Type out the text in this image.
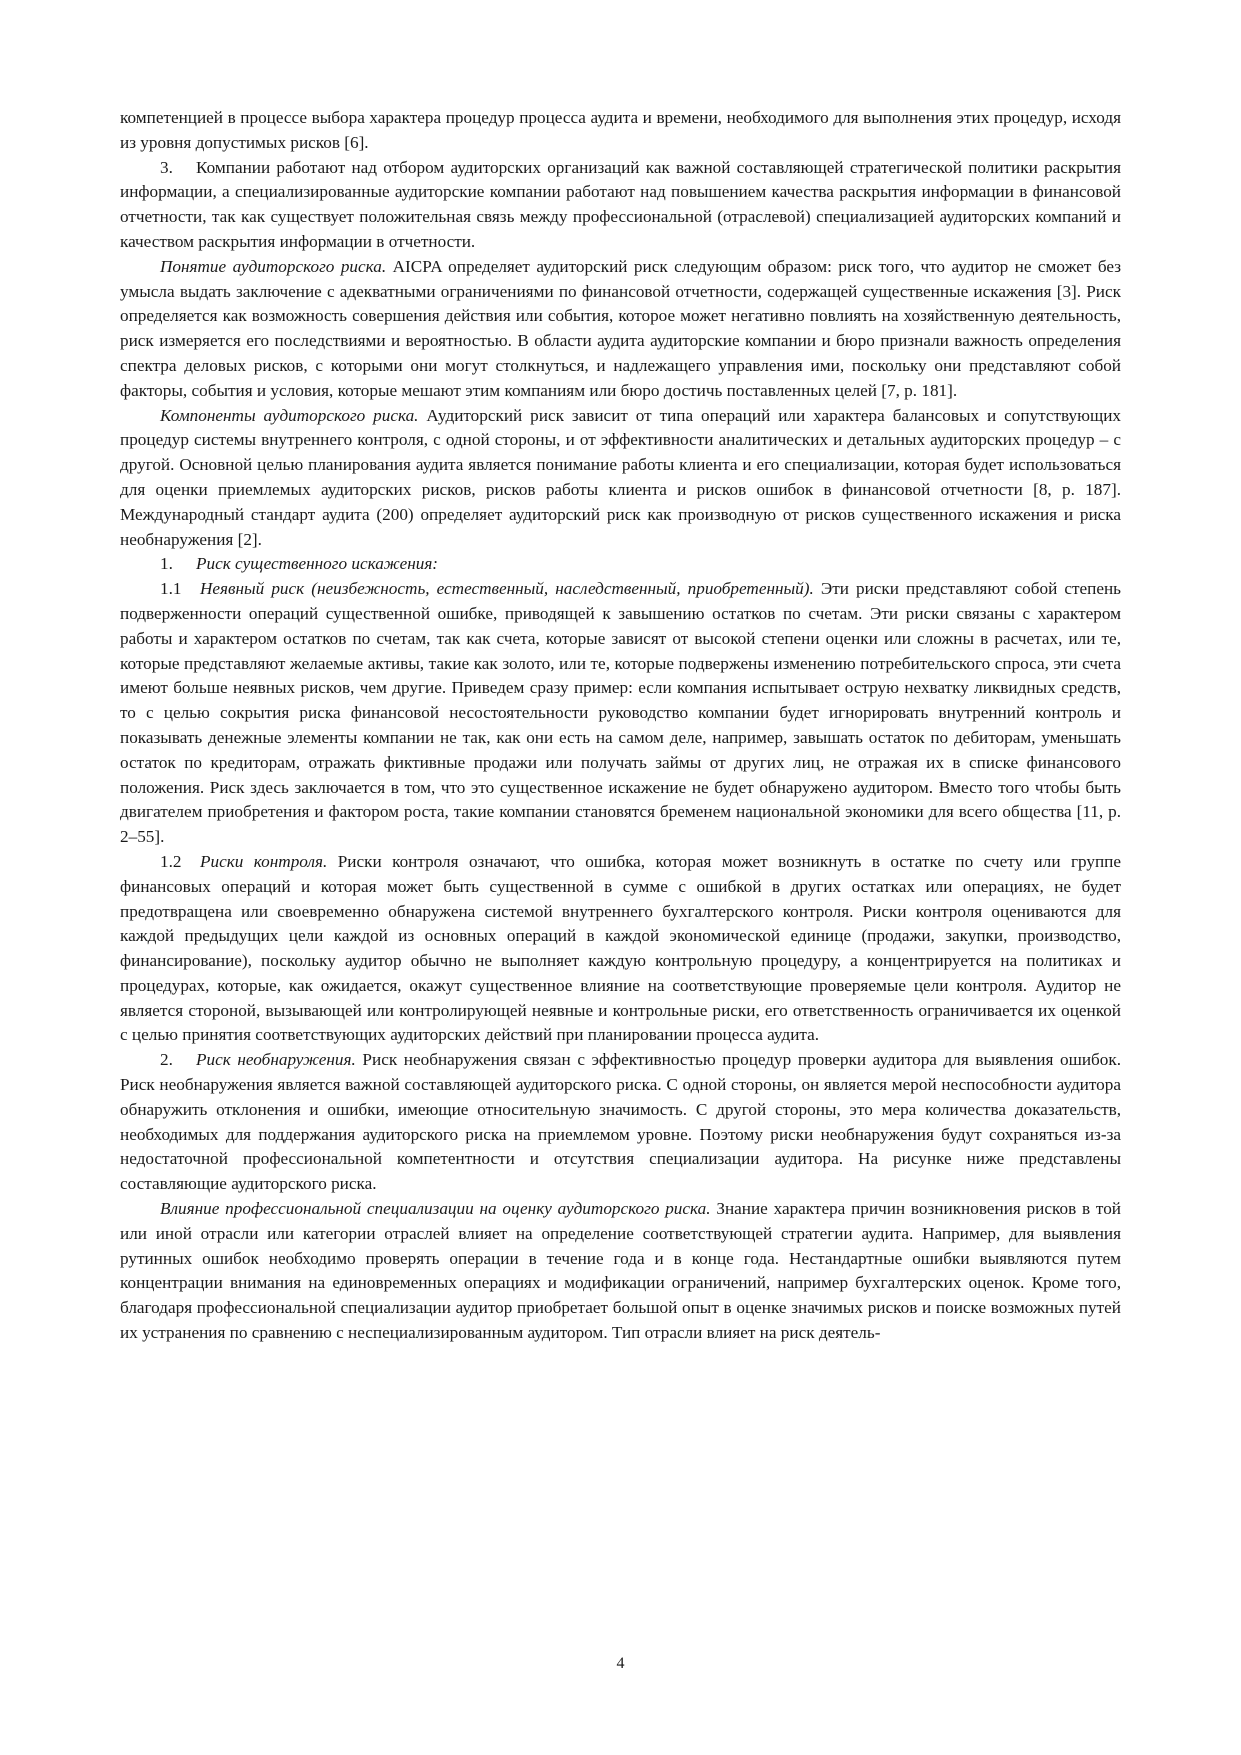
компетенцией в процессе выбора характера процедур процесса аудита и времени, необходимого для выполнения этих процедур, исходя из уровня допустимых рисков [6].

3. Компании работают над отбором аудиторских организаций как важной составляющей стратегической политики раскрытия информации, а специализированные аудиторские компании работают над повышением качества раскрытия информации в финансовой отчетности, так как существует положительная связь между профессиональной (отраслевой) специализацией аудиторских компаний и качеством раскрытия информации в отчетности.

Понятие аудиторского риска. AICPA определяет аудиторский риск следующим образом: риск того, что аудитор не сможет без умысла выдать заключение с адекватными ограничениями по финансовой отчетности, содержащей существенные искажения [3]. Риск определяется как возможность совершения действия или события, которое может негативно повлиять на хозяйственную деятельность, риск измеряется его последствиями и вероятностью. В области аудита аудиторские компании и бюро признали важность определения спектра деловых рисков, с которыми они могут столкнуться, и надлежащего управления ими, поскольку они представляют собой факторы, события и условия, которые мешают этим компаниям или бюро достичь поставленных целей [7, p. 181].

Компоненты аудиторского риска. Аудиторский риск зависит от типа операций или характера балансовых и сопутствующих процедур системы внутреннего контроля, с одной стороны, и от эффективности аналитических и детальных аудиторских процедур – с другой. Основной целью планирования аудита является понимание работы клиента и его специализации, которая будет использоваться для оценки приемлемых аудиторских рисков, рисков работы клиента и рисков ошибок в финансовой отчетности [8, p. 187]. Международный стандарт аудита (200) определяет аудиторский риск как производную от рисков существенного искажения и риска необнаружения [2].

1. Риск существенного искажения:

1.1 Неявный риск (неизбежность, естественный, наследственный, приобретенный). Эти риски представляют собой степень подверженности операций существенной ошибке, приводящей к завышению остатков по счетам. Эти риски связаны с характером работы и характером остатков по счетам, так как счета, которые зависят от высокой степени оценки или сложны в расчетах, или те, которые представляют желаемые активы, такие как золото, или те, которые подвержены изменению потребительского спроса, эти счета имеют больше неявных рисков, чем другие. Приведем сразу пример: если компания испытывает острую нехватку ликвидных средств, то с целью сокрытия риска финансовой несостоятельности руководство компании будет игнорировать внутренний контроль и показывать денежные элементы компании не так, как они есть на самом деле, например, завышать остаток по дебиторам, уменьшать остаток по кредиторам, отражать фиктивные продажи или получать займы от других лиц, не отражая их в списке финансового положения. Риск здесь заключается в том, что это существенное искажение не будет обнаружено аудитором. Вместо того чтобы быть двигателем приобретения и фактором роста, такие компании становятся бременем национальной экономики для всего общества [11, p. 2–55].

1.2 Риски контроля. Риски контроля означают, что ошибка, которая может возникнуть в остатке по счету или группе финансовых операций и которая может быть существенной в сумме с ошибкой в других остатках или операциях, не будет предотвращена или своевременно обнаружена системой внутреннего бухгалтерского контроля. Риски контроля оцениваются для каждой предыдущих цели каждой из основных операций в каждой экономической единице (продажи, закупки, производство, финансирование), поскольку аудитор обычно не выполняет каждую контрольную процедуру, а концентрируется на политиках и процедурах, которые, как ожидается, окажут существенное влияние на соответствующие проверяемые цели контроля. Аудитор не является стороной, вызывающей или контролирующей неявные и контрольные риски, его ответственность ограничивается их оценкой с целью принятия соответствующих аудиторских действий при планировании процесса аудита.

2. Риск необнаружения. Риск необнаружения связан с эффективностью процедур проверки аудитора для выявления ошибок. Риск необнаружения является важной составляющей аудиторского риска. С одной стороны, он является мерой неспособности аудитора обнаружить отклонения и ошибки, имеющие относительную значимость. С другой стороны, это мера количества доказательств, необходимых для поддержания аудиторского риска на приемлемом уровне. Поэтому риски необнаружения будут сохраняться из-за недостаточной профессиональной компетентности и отсутствия специализации аудитора. На рисунке ниже представлены составляющие аудиторского риска.

Влияние профессиональной специализации на оценку аудиторского риска. Знание характера причин возникновения рисков в той или иной отрасли или категории отраслей влияет на определение соответствующей стратегии аудита. Например, для выявления рутинных ошибок необходимо проверять операции в течение года и в конце года. Нестандартные ошибки выявляются путем концентрации внимания на единовременных операциях и модификации ограничений, например бухгалтерских оценок. Кроме того, благодаря профессиональной специализации аудитор приобретает большой опыт в оценке значимых рисков и поиске возможных путей их устранения по сравнению с неспециализированным аудитором. Тип отрасли влияет на риск деятель-

4
